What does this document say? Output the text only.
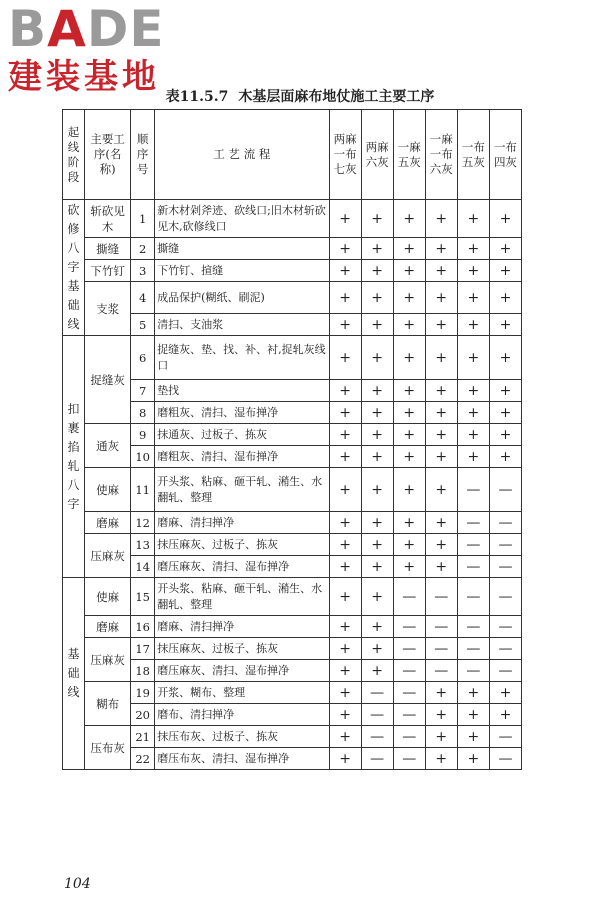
BADE
建装基地 表11.5.7 木基层面麻布地仗施工主要工序
起线阶段	主要工序(名称)	顺序号	工 艺 流 程	两麻一布七灰	两麻六灰	一麻五灰	一麻一布六灰	一布五灰	一布四灰
砍修八字基础线	斩砍见木	1	新木材剁斧迹、砍线口;旧木材斩砍见木,砍修线口	+	+	+	+	+	+
	撕缝	2	撕缝	+	+	+	+	+	+
	下竹钉	3	下竹钉、揎缝	+	+	+	+	+	+
	支浆	4	成品保护(糊纸、刷泥)	+	+	+	+	+	+
		5	清扫、支油浆	+	+	+	+	+	+
扣裹掐轧八字	捉缝灰	6	捉缝灰、垫、找、补、衬,捉轧灰线口	+	+	+	+	+	+
		7	垫找	+	+	+	+	+	+
		8	磨粗灰、清扫、湿布掸净	+	+	+	+	+	+
	通灰	9	抹通灰、过板子、拣灰	+	+	+	+	+	+
		10	磨粗灰、清扫、湿布掸净	+	+	+	+	+	+
	使麻	11	开头浆、粘麻、砸干轧、潲生、水翻轧、整理	+	+	+	+	—	—
	磨麻	12	磨麻、清扫掸净	+	+	+	+	—	—
	压麻灰	13	抹压麻灰、过板子、拣灰	+	+	+	+	—	—
		14	磨压麻灰、清扫、湿布掸净	+	+	+	+	—	—
基础线	使麻	15	开头浆、粘麻、砸干轧、潲生、水翻轧、整理	+	+	—	—	—	—
	磨麻	16	磨麻、清扫掸净	+	+	—	—	—	—
	压麻灰	17	抹压麻灰、过板子、拣灰	+	+	—	—	—	—
		18	磨压麻灰、清扫、湿布掸净	+	+	—	—	—	—
	糊布	19	开浆、糊布、整理	+	—	—	+	+	+
		20	磨布、清扫掸净	+	—	—	+	+	+
	压布灰	21	抹压布灰、过板子、拣灰	+	—	—	+	+	—
		22	磨压布灰、清扫、湿布掸净	+	—	—	+	+	—
104
